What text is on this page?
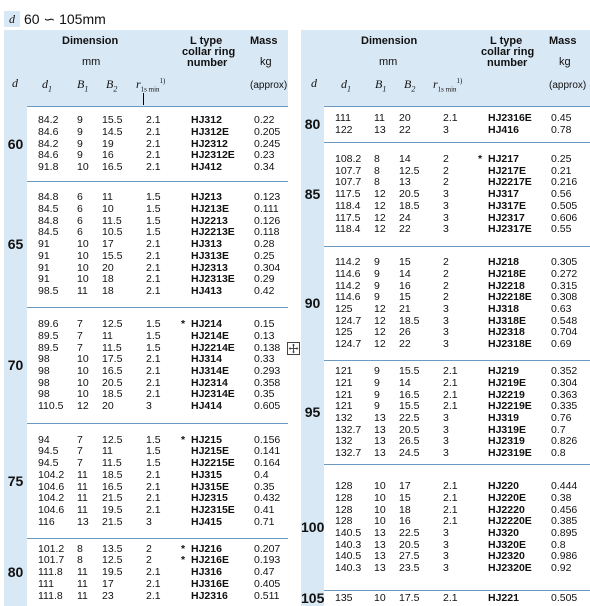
d 60 ∽ 105mm
Dimension
mm
L type
collar ring
number
Mass
kg
d $d_1$ $B_1$ $B_2$ $r_{1s min}^{1)}$	(approx)
60
84.2 9 15.5 2.1	HJ312	0.22
84.6 9 14.5 2.1	HJ312E 0.205
84.2 9 19	2.1	HJ2312 0.245
84.6 9 16	2.1	HJ2312E 0.23
91.8 10 16.5 2.1	HJ412	0.34
65
84.8 6 11	1.5	HJ213	0.123
84.5 6 10	1.5	HJ213E 0.111
84.8 6 11.5 1.5	HJ2213 0.126
84.5 6 10.5 1.5	HJ2213E 0.118
91	10 17	2.1	HJ313	0.28
91	10 15.5 2.1	HJ313E 0.25
91	10 20	2.1	HJ2313 0.304
91	10 18	2.1	HJ2313E 0.29
98.5 11 18	2.1	HJ413	0.42
70
89.6 7 12.5 1.5 * HJ214	0.15
89.5 7 11	1.5	HJ214E 0.13
89.5 7 11.5 1.5	HJ2214E 0.138
98	10 17.5 2.1	HJ314	0.33
98	10 16.5 2.1	HJ314E 0.293
98	10 20.5 2.1	HJ2314 0.358
98	10 18.5 2.1	HJ2314E 0.35
110.5 12 20	3	HJ414	0.605
75
94	7 12.5 1.5 * HJ215	0.156
94.5 7 11	1.5	HJ215E 0.141
94.5 7 11.5 1.5	HJ2215E 0.164
104.2 11 18.5 2.1	HJ315	0.4
104.6 11 16.5 2.1	HJ315E 0.35
104.2 11 21.5 2.1	HJ2315 0.432
104.6 11 19.5 2.1	HJ2315E 0.41
116 13 21.5 3	HJ415	0.71
80
101.2 8 13.5 2	* HJ216	0.207
101.7 8 12.5 2	* HJ216E 0.193
111.8 11 19.5 2.1	HJ316	0.47
111 11 17	2.1	HJ316E 0.405
111.8 11 23	2.1	HJ2316 0.511
Dimension
mm
L type
collar ring
number
Mass
kg
d $d_1$ $B_1$ $B_2$ $r_{1s min}^{1)}$	(approx)
80	111 11 20	2.1	HJ2316E 0.45
122 13 22	3	HJ416	0.78
85
108.2 8 14	2	* HJ217	0.25
107.7 8 12.5 2	HJ217E 0.21
107.7 8 13	2	HJ2217E 0.216
117.5 12 20.5 3	HJ317	0.56
118.4 12 18.5 3	HJ317E 0.505
117.5 12 24	3	HJ2317 0.606
118.4 12 22	3	HJ2317E 0.55
90
114.2 9 15	2	HJ218	0.305
114.6 9 14	2	HJ218E 0.272
114.2 9 16	2	HJ2218 0.315
114.6 9 15	2	HJ2218E 0.308
125 12 21	3	HJ318	0.63
124.7 12 18.5 3	HJ318E 0.548
125 12 26	3	HJ2318 0.704
124.7 12 22	3	HJ2318E 0.69
95
121 9 15.5 2.1	HJ219	0.352
121 9 14	2.1	HJ219E 0.304
121 9 16.5 2.1	HJ2219 0.363
121 9 15.5 2.1	HJ2219E 0.335
132 13 22.5 3	HJ319	0.76
132.7 13 20.5 3	HJ319E 0.7
132 13 26.5 3	HJ2319 0.826
132.7 13 24.5 3	HJ2319E 0.8
100
128 10 17	2.1	HJ220	0.444
128 10 15	2.1	HJ220E 0.38
128 10 18	2.1	HJ2220 0.456
128 10 16	2.1	HJ2220E 0.385
140.5 13 22.5 3	HJ320	0.895
140.3 13 20.5 3	HJ320E 0.8
140.5 13 27.5 3	HJ2320 0.986
140.3 13 23.5 3	HJ2320E 0.92
105 135 10 17.5 2.1	HJ221	0.505
